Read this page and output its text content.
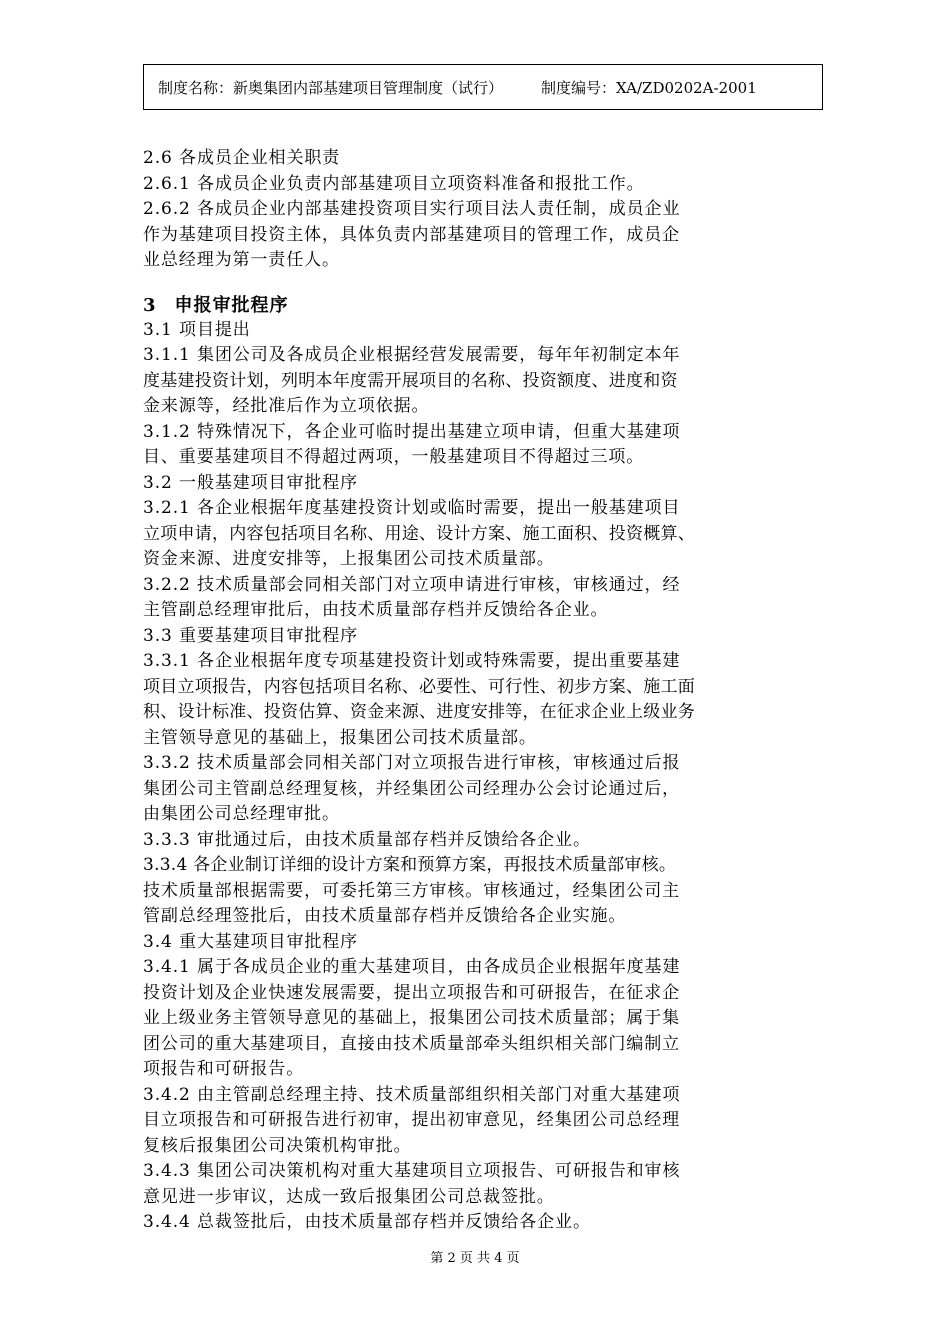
制度名称：新奥集团内部基建项目管理制度（试行）	制度编号：XA/ZD0202A-2001

2.6 各成员企业相关职责

2.6.1 各成员企业负责内部基建项目立项资料准备和报批工作。

2.6.2 各成员企业内部基建投资项目实行项目法人责任制，成员企业

作为基建项目投资主体，具体负责内部基建项目的管理工作，成员企

业总经理为第一责任人。

3 申报审批程序

3.1 项目提出

3.1.1 集团公司及各成员企业根据经营发展需要，每年年初制定本年

度基建投资计划，列明本年度需开展项目的名称、投资额度、进度和资

金来源等，经批准后作为立项依据。

3.1.2 特殊情况下，各企业可临时提出基建立项申请，但重大基建项

目、重要基建项目不得超过两项，一般基建项目不得超过三项。

3.2 一般基建项目审批程序

3.2.1 各企业根据年度基建投资计划或临时需要，提出一般基建项目

立项申请，内容包括项目名称、用途、设计方案、施工面积、投资概算、

资金来源、进度安排等，上报集团公司技术质量部。

3.2.2 技术质量部会同相关部门对立项申请进行审核，审核通过，经

主管副总经理审批后，由技术质量部存档并反馈给各企业。

3.3 重要基建项目审批程序

3.3.1 各企业根据年度专项基建投资计划或特殊需要，提出重要基建

项目立项报告，内容包括项目名称、必要性、可行性、初步方案、施工面

积、设计标准、投资估算、资金来源、进度安排等，在征求企业上级业务

主管领导意见的基础上，报集团公司技术质量部。

3.3.2 技术质量部会同相关部门对立项报告进行审核，审核通过后报

集团公司主管副总经理复核，并经集团公司经理办公会讨论通过后，

由集团公司总经理审批。

3.3.3 审批通过后，由技术质量部存档并反馈给各企业。

3.3.4 各企业制订详细的设计方案和预算方案，再报技术质量部审核。

技术质量部根据需要，可委托第三方审核。审核通过，经集团公司主

管副总经理签批后，由技术质量部存档并反馈给各企业实施。

3.4 重大基建项目审批程序

3.4.1 属于各成员企业的重大基建项目，由各成员企业根据年度基建

投资计划及企业快速发展需要，提出立项报告和可研报告，在征求企

业上级业务主管领导意见的基础上，报集团公司技术质量部；属于集

团公司的重大基建项目，直接由技术质量部牵头组织相关部门编制立

项报告和可研报告。

3.4.2 由主管副总经理主持、技术质量部组织相关部门对重大基建项

目立项报告和可研报告进行初审，提出初审意见，经集团公司总经理

复核后报集团公司决策机构审批。

3.4.3 集团公司决策机构对重大基建项目立项报告、可研报告和审核

意见进一步审议，达成一致后报集团公司总裁签批。

3.4.4 总裁签批后，由技术质量部存档并反馈给各企业。

第 2 页 共 4 页
